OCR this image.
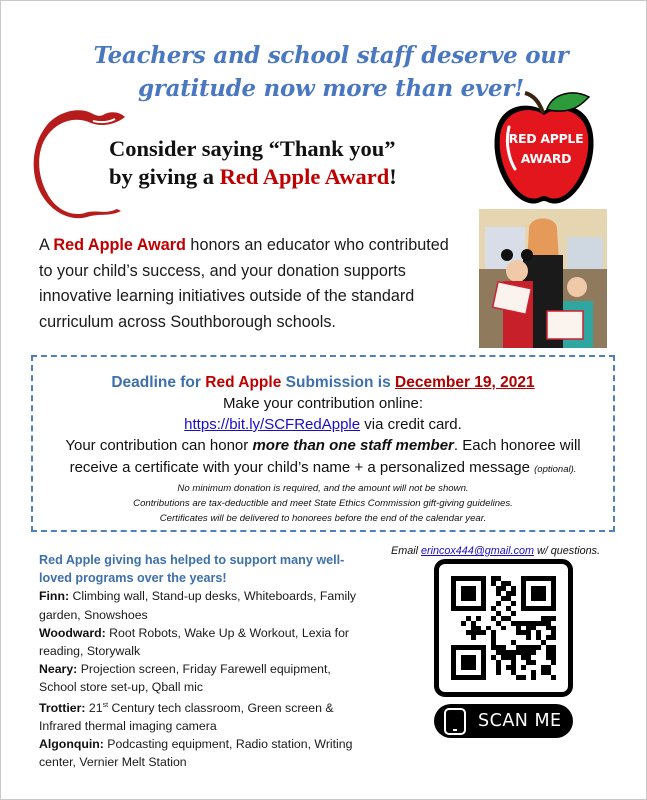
Teachers and school staff deserve our
gratitude now more than ever!
Consider saying “Thank you”
by giving a Red Apple Award!
RED APPLE
AWARD
A Red Apple Award honors an educator who contributed to your child’s success, and your donation supports innovative learning initiatives outside of the standard curriculum across Southborough schools.
Deadline for Red Apple Submission is December 19, 2021
Make your contribution online:
https://bit.ly/SCFRedApple via credit card.
Your contribution can honor more than one staff member. Each honoree will
receive a certificate with your child’s name + a personalized message (optional).
No minimum donation is required, and the amount will not be shown.
Contributions are tax-deductible and meet State Ethics Commission gift-giving guidelines.
Certificates will be delivered to honorees before the end of the calendar year.
Red Apple giving has helped to support many well-loved programs over the years!
Finn: Climbing wall, Stand-up desks, Whiteboards, Family garden, Snowshoes
Woodward: Root Robots, Wake Up & Workout, Lexia for reading, Storywalk
Neary: Projection screen, Friday Farewell equipment, School store set-up, Qball mic
Trottier: 21st Century tech classroom, Green screen & Infrared thermal imaging camera
Algonquin: Podcasting equipment, Radio station, Writing center, Vernier Melt Station
Email erincox444@gmail.com w/ questions.
SCAN ME
